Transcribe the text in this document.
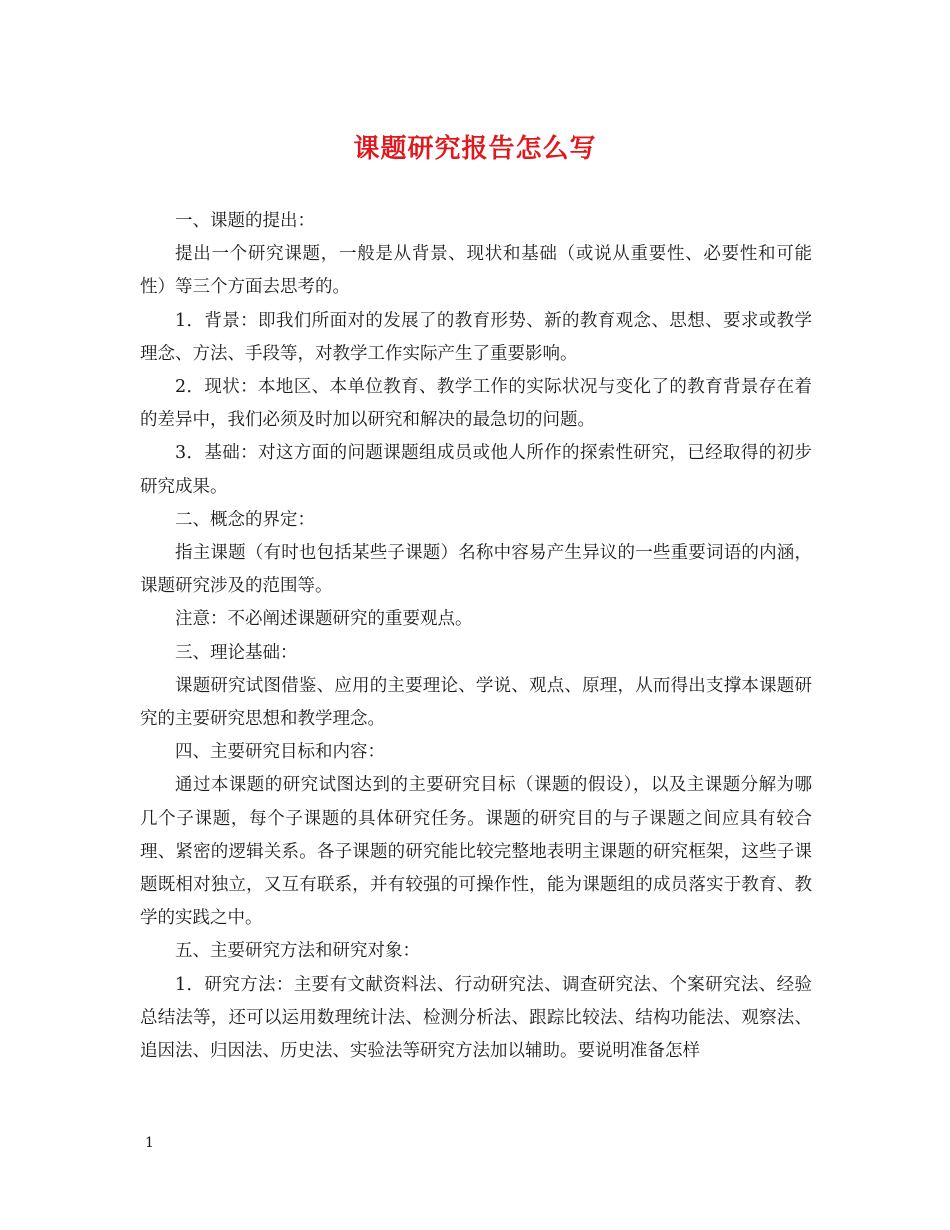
课题研究报告怎么写

一、课题的提出：

提出一个研究课题，一般是从背景、现状和基础（或说从重要性、必要性和可能性）等三个方面去思考的。

1．背景：即我们所面对的发展了的教育形势、新的教育观念、思想、要求或教学理念、方法、手段等，对教学工作实际产生了重要影响。

2．现状：本地区、本单位教育、教学工作的实际状况与变化了的教育背景存在着的差异中，我们必须及时加以研究和解决的最急切的问题。

3．基础：对这方面的问题课题组成员或他人所作的探索性研究，已经取得的初步研究成果。

二、概念的界定：

指主课题（有时也包括某些子课题）名称中容易产生异议的一些重要词语的内涵，课题研究涉及的范围等。

注意：不必阐述课题研究的重要观点。

三、理论基础：

课题研究试图借鉴、应用的主要理论、学说、观点、原理，从而得出支撑本课题研究的主要研究思想和教学理念。

四、主要研究目标和内容：

通过本课题的研究试图达到的主要研究目标（课题的假设），以及主课题分解为哪几个子课题，每个子课题的具体研究任务。课题的研究目的与子课题之间应具有较合理、紧密的逻辑关系。各子课题的研究能比较完整地表明主课题的研究框架，这些子课题既相对独立，又互有联系，并有较强的可操作性，能为课题组的成员落实于教育、教学的实践之中。

五、主要研究方法和研究对象：

1．研究方法：主要有文献资料法、行动研究法、调查研究法、个案研究法、经验总结法等，还可以运用数理统计法、检测分析法、跟踪比较法、结构功能法、观察法、追因法、归因法、历史法、实验法等研究方法加以辅助。要说明准备怎样

1
